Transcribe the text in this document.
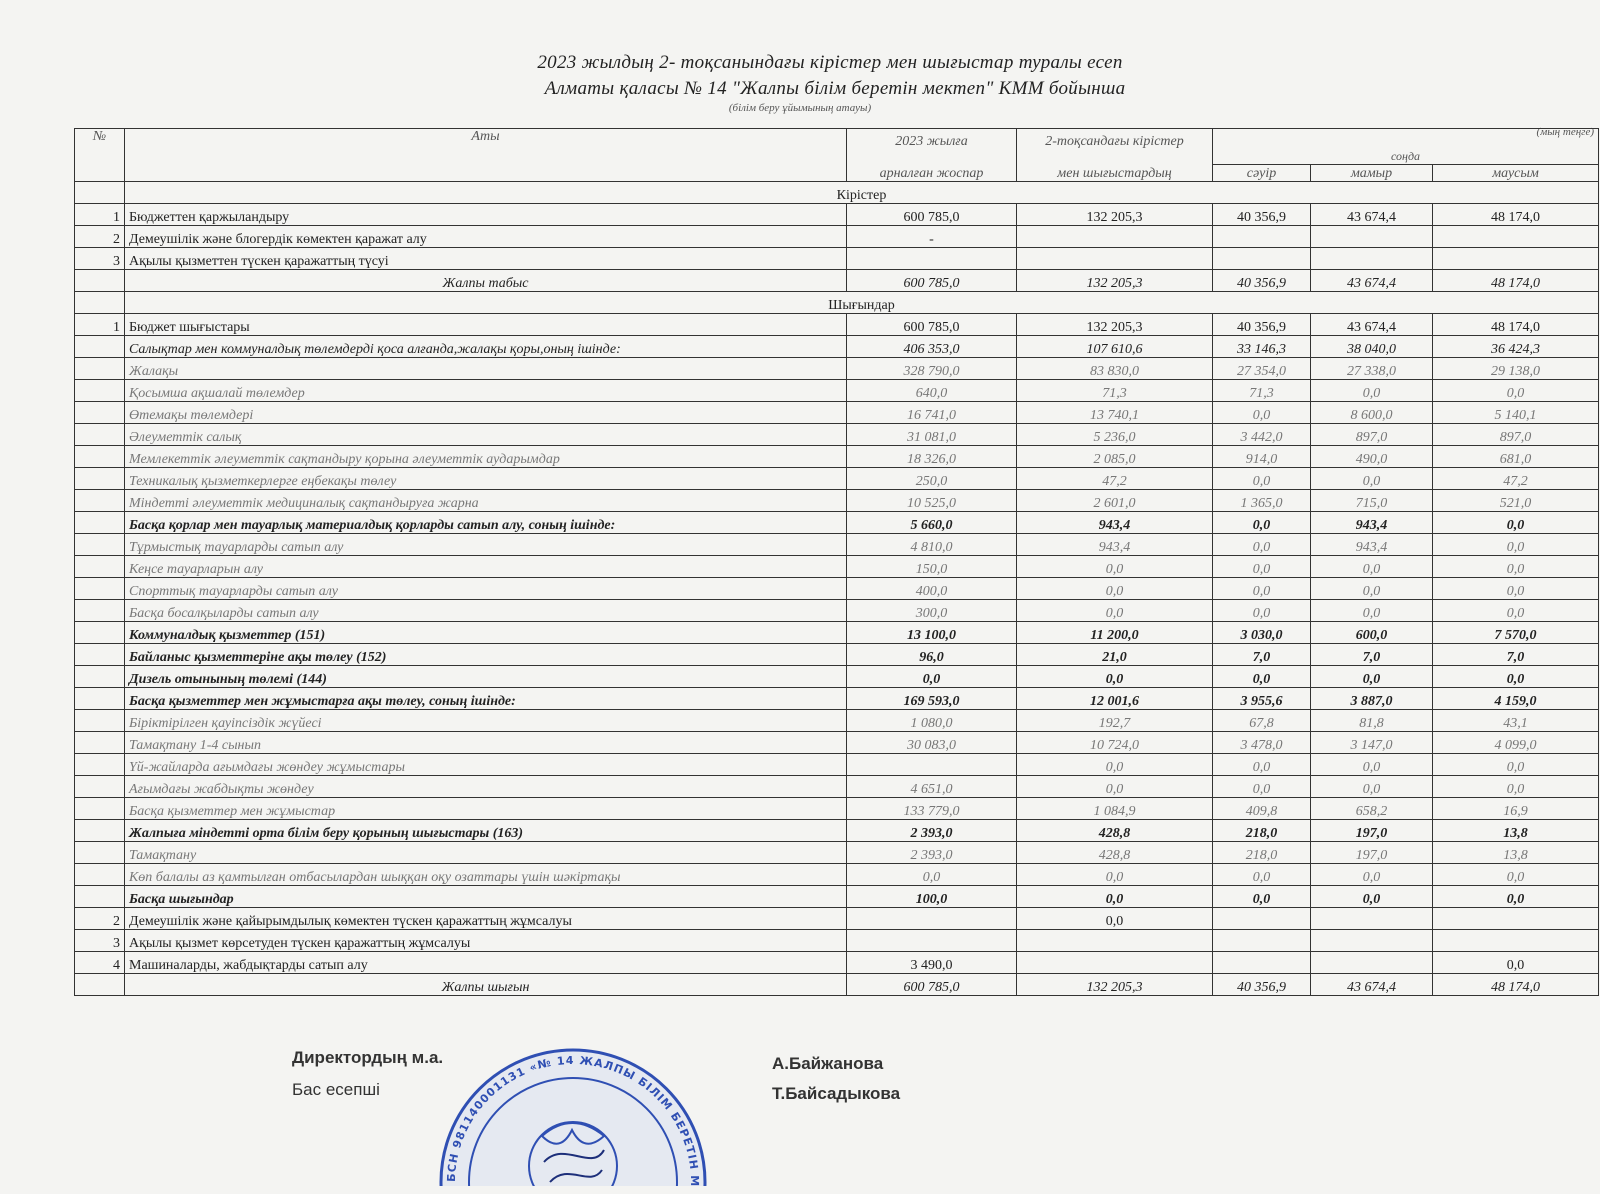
2023 жылдың 2- тоқсанындағы кірістер мен шығыстар туралы есеп
Алматы қаласы № 14 "Жалпы білім беретін мектеп" КММ бойынша
(білім беру ұйымының атауы)
(мың теңге)
№	Аты	2023 жылға	2-тоқсандағы кірістер			
		арналған жоспар	мен шығыстардың	соңда		
				сәуір	мамыр	маусым
	Кірістер					
1	Бюджеттен қаржыландыру	600 785,0	132 205,3	40 356,9	43 674,4	48 174,0
2	Демеушілік және блогердік көмектен қаражат алу	-				
3	Ақылы қызметтен түскен қаражаттың түсуі					
	Жалпы табыс	600 785,0	132 205,3	40 356,9	43 674,4	48 174,0
	Шығындар					
1	Бюджет шығыстары	600 785,0	132 205,3	40 356,9	43 674,4	48 174,0
	Салықтар мен коммуналдық төлемдерді қоса алғанда,жалақы қоры,оның ішінде:	406 353,0	107 610,6	33 146,3	38 040,0	36 424,3
	Жалақы	328 790,0	83 830,0	27 354,0	27 338,0	29 138,0
	Қосымша ақшалай төлемдер	640,0	71,3	71,3	0,0	0,0
	Өтемақы төлемдері	16 741,0	13 740,1	0,0	8 600,0	5 140,1
	Әлеуметтік салық	31 081,0	5 236,0	3 442,0	897,0	897,0
	Мемлекеттік әлеуметтік сақтандыру қорына әлеуметтік аударымдар	18 326,0	2 085,0	914,0	490,0	681,0
	Техникалық қызметкерлерге еңбекақы төлеу	250,0	47,2	0,0	0,0	47,2
	Міндетті әлеуметтік медициналық сақтандыруға жарна	10 525,0	2 601,0	1 365,0	715,0	521,0
	Басқа қорлар мен тауарлық материалдық қорларды сатып алу, соның ішінде:	5 660,0	943,4	0,0	943,4	0,0
	Тұрмыстық тауарларды сатып алу	4 810,0	943,4	0,0	943,4	0,0
	Кеңсе тауарларын алу	150,0	0,0	0,0	0,0	0,0
	Спорттық тауарларды сатып алу	400,0	0,0	0,0	0,0	0,0
	Басқа босалқыларды сатып алу	300,0	0,0	0,0	0,0	0,0
	Коммуналдық қызметтер (151)	13 100,0	11 200,0	3 030,0	600,0	7 570,0
	Байланыс қызметтеріне ақы төлеу (152)	96,0	21,0	7,0	7,0	7,0
	Дизель отынының төлемі (144)	0,0	0,0	0,0	0,0	0,0
	Басқа қызметтер мен жұмыстарға ақы төлеу, соның ішінде:	169 593,0	12 001,6	3 955,6	3 887,0	4 159,0
	Біріктірілген қауіпсіздік жүйесі	1 080,0	192,7	67,8	81,8	43,1
	Тамақтану 1-4 сынып	30 083,0	10 724,0	3 478,0	3 147,0	4 099,0
	Үй-жайларда ағымдағы жөндеу жұмыстары		0,0	0,0	0,0	0,0
	Ағымдағы жабдықты жөндеу	4 651,0	0,0	0,0	0,0	0,0
	Басқа қызметтер мен жұмыстар	133 779,0	1 084,9	409,8	658,2	16,9
	Жалпыға міндетті орта білім беру қорының шығыстары (163)	2 393,0	428,8	218,0	197,0	13,8
	Тамақтану	2 393,0	428,8	218,0	197,0	13,8
	Көп балалы аз қамтылған отбасылардан шыққан оқу озаттары үшін шәкіртақы	0,0	0,0	0,0	0,0	0,0
	Басқа шығындар	100,0	0,0	0,0	0,0	0,0
2	Демеушілік және қайырымдылық көмектен түскен қаражаттың жұмсалуы		0,0			
3	Ақылы қызмет көрсетуден түскен қаражаттың жұмсалуы					
4	Машиналарды, жабдықтарды сатып алу	3 490,0				0,0
	Жалпы шығын	600 785,0	132 205,3	40 356,9	43 674,4	48 174,0
Директордың м.а.
Бас есепші
А.Байжанова
Т.Байсадыкова
БСН 981140001131 «№ 14 ЖАЛПЫ БІЛІМ БЕРЕТІН М
